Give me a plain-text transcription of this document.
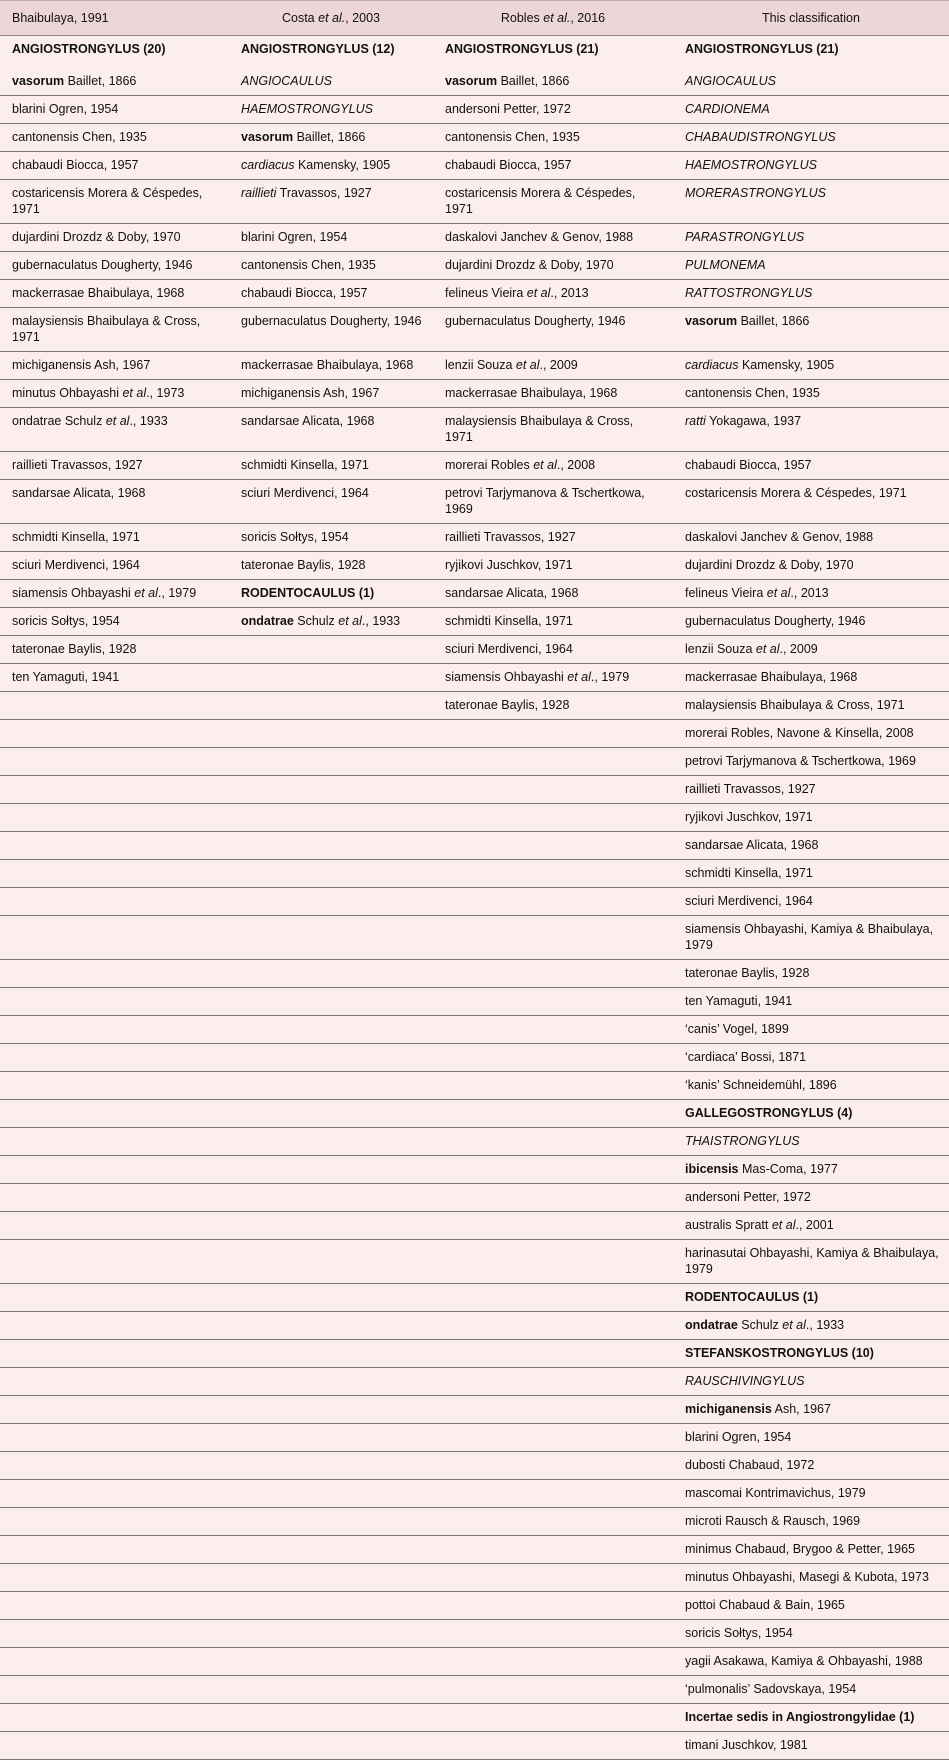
Bhaibulaya, 1991	Costa et al., 2003	Robles et al., 2016	This classification
ANGIOSTRONGYLUS (20)	ANGIOSTRONGYLUS (12)	ANGIOSTRONGYLUS (21)	ANGIOSTRONGYLUS (21)
vasorum Baillet, 1866	ANGIOCAULUS	vasorum Baillet, 1866	ANGIOCAULUS
blarini Ogren, 1954	HAEMOSTRONGYLUS	andersoni Petter, 1972	CARDIONEMA
cantonensis Chen, 1935	vasorum Baillet, 1866	cantonensis Chen, 1935	CHABAUDISTRONGYLUS
chabaudi Biocca, 1957	cardiacus Kamensky, 1905	chabaudi Biocca, 1957	HAEMOSTRONGYLUS
costaricensis Morera & Céspedes, 1971	raillieti Travassos, 1927	costaricensis Morera & Céspedes, 1971	MORERASTRONGYLUS
dujardini Drozdz & Doby, 1970	blarini Ogren, 1954	daskalovi Janchev & Genov, 1988	PARASTRONGYLUS
gubernaculatus Dougherty, 1946	cantonensis Chen, 1935	dujardini Drozdz & Doby, 1970	PULMONEMA
mackerrasae Bhaibulaya, 1968	chabaudi Biocca, 1957	felineus Vieira et al., 2013	RATTOSTRONGYLUS
malaysiensis Bhaibulaya & Cross, 1971	gubernaculatus Dougherty, 1946	gubernaculatus Dougherty, 1946	vasorum Baillet, 1866
michiganensis Ash, 1967	mackerrasae Bhaibulaya, 1968	lenzii Souza et al., 2009	cardiacus Kamensky, 1905
minutus Ohbayashi et al., 1973	michiganensis Ash, 1967	mackerrasae Bhaibulaya, 1968	cantonensis Chen, 1935
ondatrae Schulz et al., 1933	sandarsae Alicata, 1968	malaysiensis Bhaibulaya & Cross, 1971	ratti Yokagawa, 1937
raillieti Travassos, 1927	schmidti Kinsella, 1971	morerai Robles et al., 2008	chabaudi Biocca, 1957
sandarsae Alicata, 1968	sciuri Merdivenci, 1964	petrovi Tarjymanova & Tschertkowa, 1969	costaricensis Morera & Céspedes, 1971
schmidti Kinsella, 1971	soricis Sołtys, 1954	raillieti Travassos, 1927	daskalovi Janchev & Genov, 1988
sciuri Merdivenci, 1964	tateronae Baylis, 1928	ryjikovi Juschkov, 1971	dujardini Drozdz & Doby, 1970
siamensis Ohbayashi et al., 1979	RODENTOCAULUS (1)	sandarsae Alicata, 1968	felineus Vieira et al., 2013
soricis Sołtys, 1954	ondatrae Schulz et al., 1933	schmidti Kinsella, 1971	gubernaculatus Dougherty, 1946
tateronae Baylis, 1928		sciuri Merdivenci, 1964	lenzii Souza et al., 2009
ten Yamaguti, 1941		siamensis Ohbayashi et al., 1979	mackerrasae Bhaibulaya, 1968
		tateronae Baylis, 1928	malaysiensis Bhaibulaya & Cross, 1971
			morerai Robles, Navone & Kinsella, 2008
			petrovi Tarjymanova & Tschertkowa, 1969
			raillieti Travassos, 1927
			ryjikovi Juschkov, 1971
			sandarsae Alicata, 1968
			schmidti Kinsella, 1971
			sciuri Merdivenci, 1964
			siamensis Ohbayashi, Kamiya & Bhaibulaya, 1979
			tateronae Baylis, 1928
			ten Yamaguti, 1941
			‘canis’ Vogel, 1899
			‘cardiaca’ Bossi, 1871
			‘kanis’ Schneidemühl, 1896
			GALLEGOSTRONGYLUS (4)
			THAISTRONGYLUS
			ibicensis Mas-Coma, 1977
			andersoni Petter, 1972
			australis Spratt et al., 2001
			harinasutai Ohbayashi, Kamiya & Bhaibulaya, 1979
			RODENTOCAULUS (1)
			ondatrae Schulz et al., 1933
			STEFANSKOSTRONGYLUS (10)
			RAUSCHIVINGYLUS
			michiganensis Ash, 1967
			blarini Ogren, 1954
			dubosti Chabaud, 1972
			mascomai Kontrimavichus, 1979
			microti Rausch & Rausch, 1969
			minimus Chabaud, Brygoo & Petter, 1965
			minutus Ohbayashi, Masegi & Kubota, 1973
			pottoi Chabaud & Bain, 1965
			soricis Sołtys, 1954
			yagii Asakawa, Kamiya & Ohbayashi, 1988
			‘pulmonalis’ Sadovskaya, 1954
			Incertae sedis in Angiostrongylidae (1)
			timani Juschkov, 1981
